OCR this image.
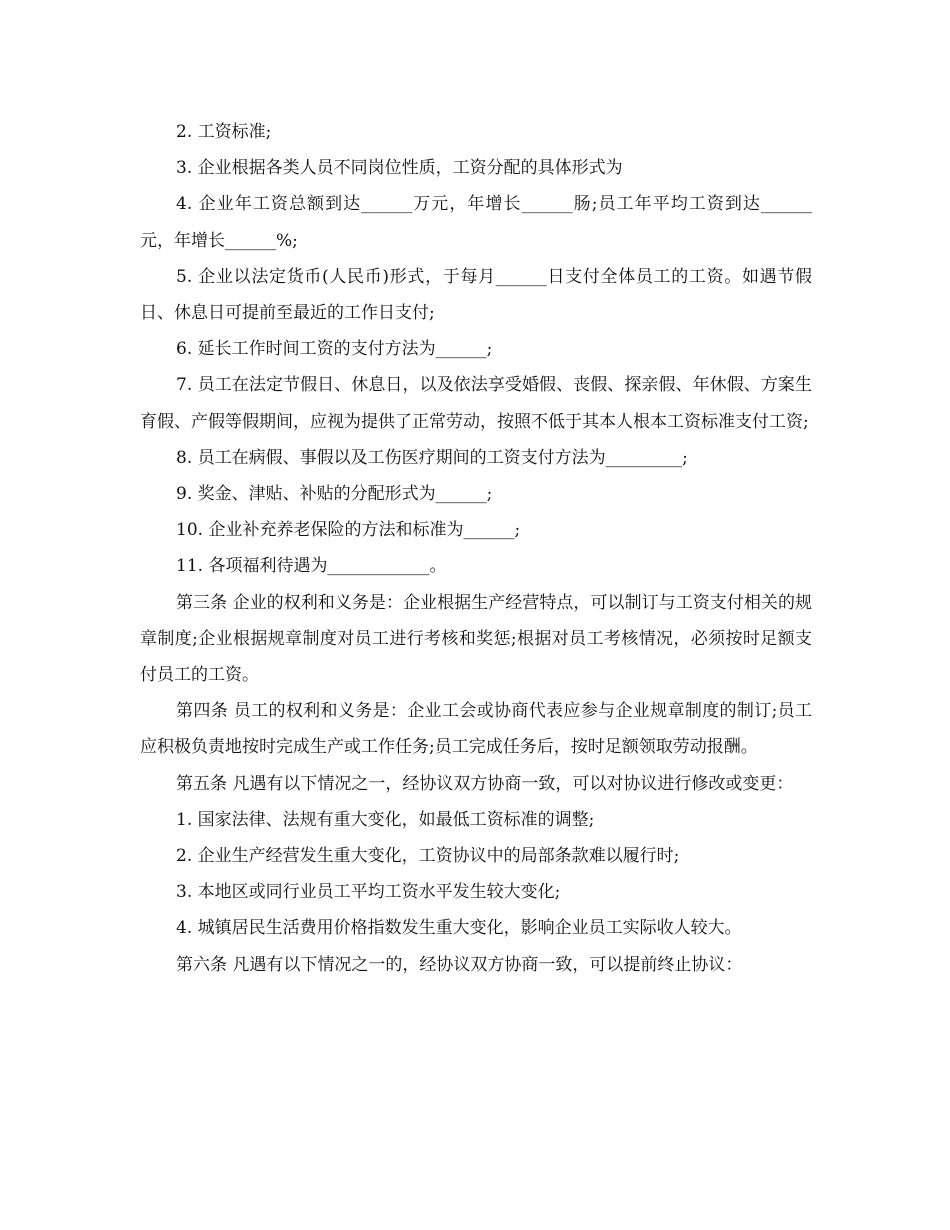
2. 工资标准;

3. 企业根据各类人员不同岗位性质，工资分配的具体形式为

4. 企业年工资总额到达______万元，年增长______肠;员工年平均工资到达______元，年增长______%;

5. 企业以法定货币(人民币)形式，于每月______日支付全体员工的工资。如遇节假日、休息日可提前至最近的工作日支付;

6. 延长工作时间工资的支付方法为______;

7. 员工在法定节假日、休息日，以及依法享受婚假、丧假、探亲假、年休假、方案生育假、产假等假期间，应视为提供了正常劳动，按照不低于其本人根本工资标准支付工资;

8. 员工在病假、事假以及工伤医疗期间的工资支付方法为_________;

9. 奖金、津贴、补贴的分配形式为______;

10. 企业补充养老保险的方法和标准为______;

11. 各项福利待遇为____________。

第三条 企业的权利和义务是：企业根据生产经营特点，可以制订与工资支付相关的规章制度;企业根据规章制度对员工进行考核和奖惩;根据对员工考核情况，必须按时足额支付员工的工资。

第四条 员工的权利和义务是：企业工会或协商代表应参与企业规章制度的制订;员工应积极负责地按时完成生产或工作任务;员工完成任务后，按时足额领取劳动报酬。

第五条 凡遇有以下情况之一，经协议双方协商一致，可以对协议进行修改或变更：

1. 国家法律、法规有重大变化，如最低工资标准的调整;

2. 企业生产经营发生重大变化，工资协议中的局部条款难以履行时;

3. 本地区或同行业员工平均工资水平发生较大变化;

4. 城镇居民生活费用价格指数发生重大变化，影响企业员工实际收人较大。

第六条 凡遇有以下情况之一的，经协议双方协商一致，可以提前终止协议：
